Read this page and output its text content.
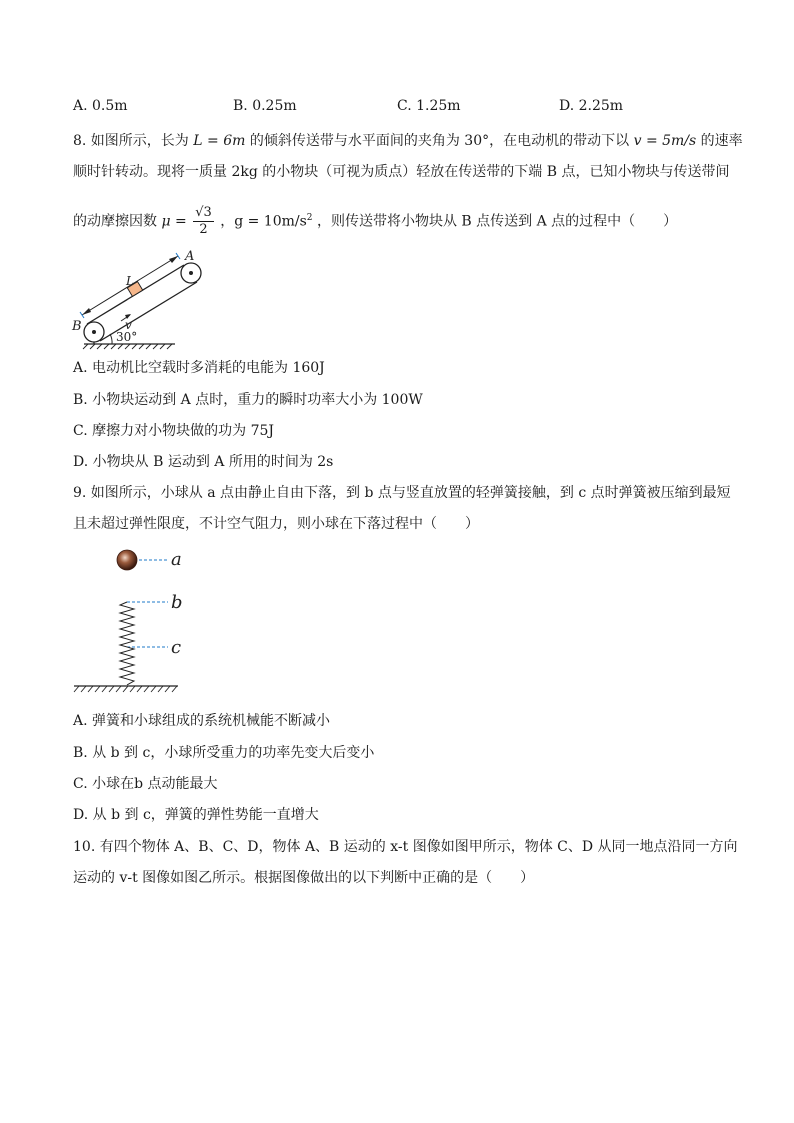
A. 0.5m	B. 0.25m	C. 1.25m	D. 2.25m
8. 如图所示，长为 L = 6m 的倾斜传送带与水平面间的夹角为 30°，在电动机的带动下以 v = 5m/s 的速率
顺时针转动。现将一质量 2kg 的小物块（可视为质点）轻放在传送带的下端 B 点，已知小物块与传送带间
的动摩擦因数 $\mu = \frac{√3}{2}$ ，$g = 10m/s^2$ ，则传送带将小物块从 B 点传送到 A 点的过程中（　　）
A
B
L
v
30°
A. 电动机比空载时多消耗的电能为 160J
B. 小物块运动到 A 点时，重力的瞬时功率大小为 100W
C. 摩擦力对小物块做的功为 75J
D. 小物块从 B 运动到 A 所用的时间为 2s
9. 如图所示，小球从 a 点由静止自由下落，到 b 点与竖直放置的轻弹簧接触，到 c 点时弹簧被压缩到最短
且未超过弹性限度，不计空气阻力，则小球在下落过程中（　　）
a
b
c
A. 弹簧和小球组成的系统机械能不断减小
B. 从 b 到 c，小球所受重力的功率先变大后变小
C. 小球在b 点动能最大
D. 从 b 到 c，弹簧的弹性势能一直增大
10. 有四个物体 A、B、C、D，物体 A、B 运动的 x-t 图像如图甲所示，物体 C、D 从同一地点沿同一方向
运动的 v-t 图像如图乙所示。根据图像做出的以下判断中正确的是（　　）
